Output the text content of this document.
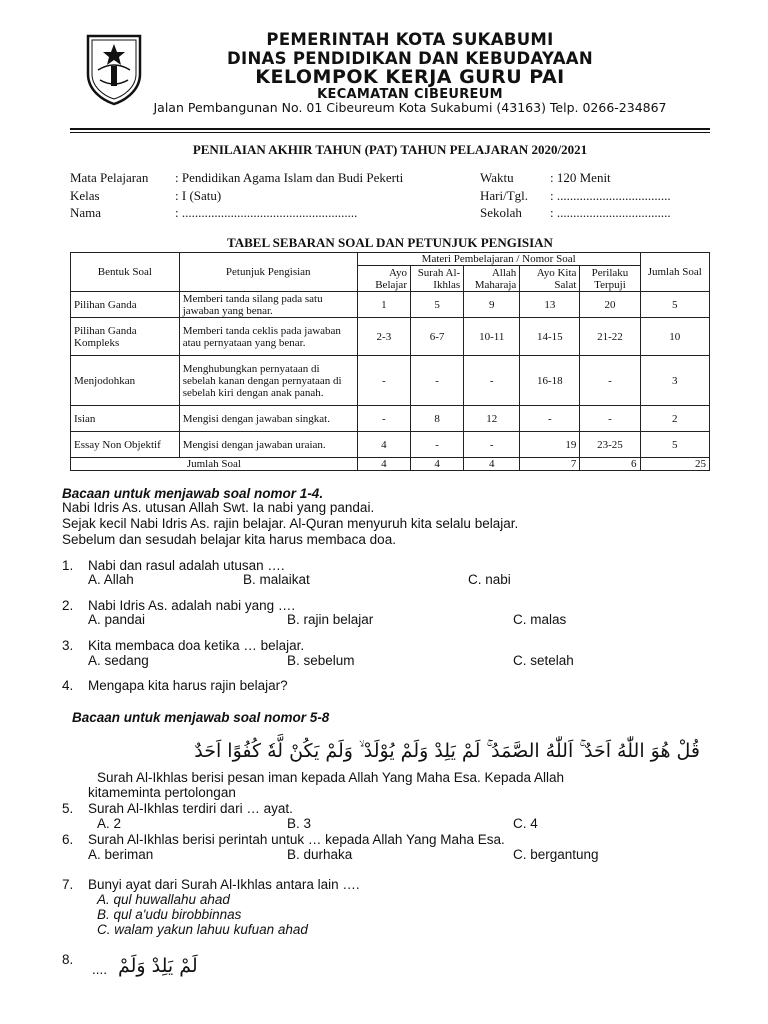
PEMERINTAH KOTA SUKABUMI
DINAS PENDIDIKAN DAN KEBUDAYAAN
KELOMPOK KERJA GURU PAI
KECAMATAN CIBEUREUM
Jalan Pembangunan No. 01 Cibeureum Kota Sukabumi (43163) Telp. 0266-234867
PENILAIAN AKHIR TAHUN (PAT) TAHUN PELAJARAN 2020/2021
Mata Pelajaran : Pendidikan Agama Islam dan Budi Pekerti	Waktu	: 120 Menit
Kelas	: I (Satu)	Hari/Tgl. : ...................................
Nama	: ......................................................	Sekolah : ...................................
TABEL SEBARAN SOAL DAN PETUNJUK PENGISIAN
Bentuk Soal	Petunjuk Pengisian	Materi Pembelajaran / Nomor Soal					Jumlah Soal
		Ayo Belajar	Surah Al-Ikhlas	Allah Maharaja	Ayo Kita Salat	Perilaku Terpuji	
Pilihan Ganda	Memberi tanda silang pada satu jawaban yang benar.	1	5	9	13	20	5
Pilihan Ganda Kompleks	Memberi tanda ceklis pada jawaban atau pernyataan yang benar.	2-3	6-7	10-11	14-15	21-22	10
Menjodohkan	Menghubungkan pernyataan di sebelah kanan dengan pernyataan di sebelah kiri dengan anak panah.	-	-	-	16-18	-	3
Isian	Mengisi dengan jawaban singkat.	-	8	12	-	-	2
Essay Non Objektif	Mengisi dengan jawaban uraian.	4	-	-	19	23-25	5
Jumlah Soal		4	4	4	7	6	25
Bacaan untuk menjawab soal nomor 1-4.
Nabi Idris As. utusan Allah Swt. Ia nabi yang pandai.
Sejak kecil Nabi Idris As. rajin belajar. Al-Quran menyuruh kita selalu belajar.
Sebelum dan sesudah belajar kita harus membaca doa.
1. Nabi dan rasul adalah utusan ….
A. Allah	B. malaikat	C. nabi
2. Nabi Idris As. adalah nabi yang ….
A. pandai	B. rajin belajar	C. malas
3. Kita membaca doa ketika … belajar.
A. sedang	B. sebelum	C. setelah
4. Mengapa kita harus rajin belajar?
Bacaan untuk menjawab soal nomor 5-8
قُلْ هُوَ اللّٰهُ اَحَدٌ ۚ اَللّٰهُ الصَّمَدُ ۚ لَمْ يَلِدْ وَلَمْ يُوْلَدْ ۙ وَلَمْ يَكُنْ لَّهٗ كُفُوًا اَحَدٌ
Surah Al-Ikhlas berisi pesan iman kepada Allah Yang Maha Esa. Kepada Allah
kitameminta pertolongan
5. Surah Al-Ikhlas terdiri dari … ayat.
A. 2	B. 3	C. 4
6. Surah Al-Ikhlas berisi perintah untuk … kepada Allah Yang Maha Esa.
A. beriman	B. durhaka	C. bergantung
7. Bunyi ayat dari Surah Al-Ikhlas antara lain ….
A. qul huwallahu ahad
B. qul a'udu birobbinnas
C. walam yakun lahuu kufuan ahad
8.
.... لَمْ يَلِدْ وَلَمْ
